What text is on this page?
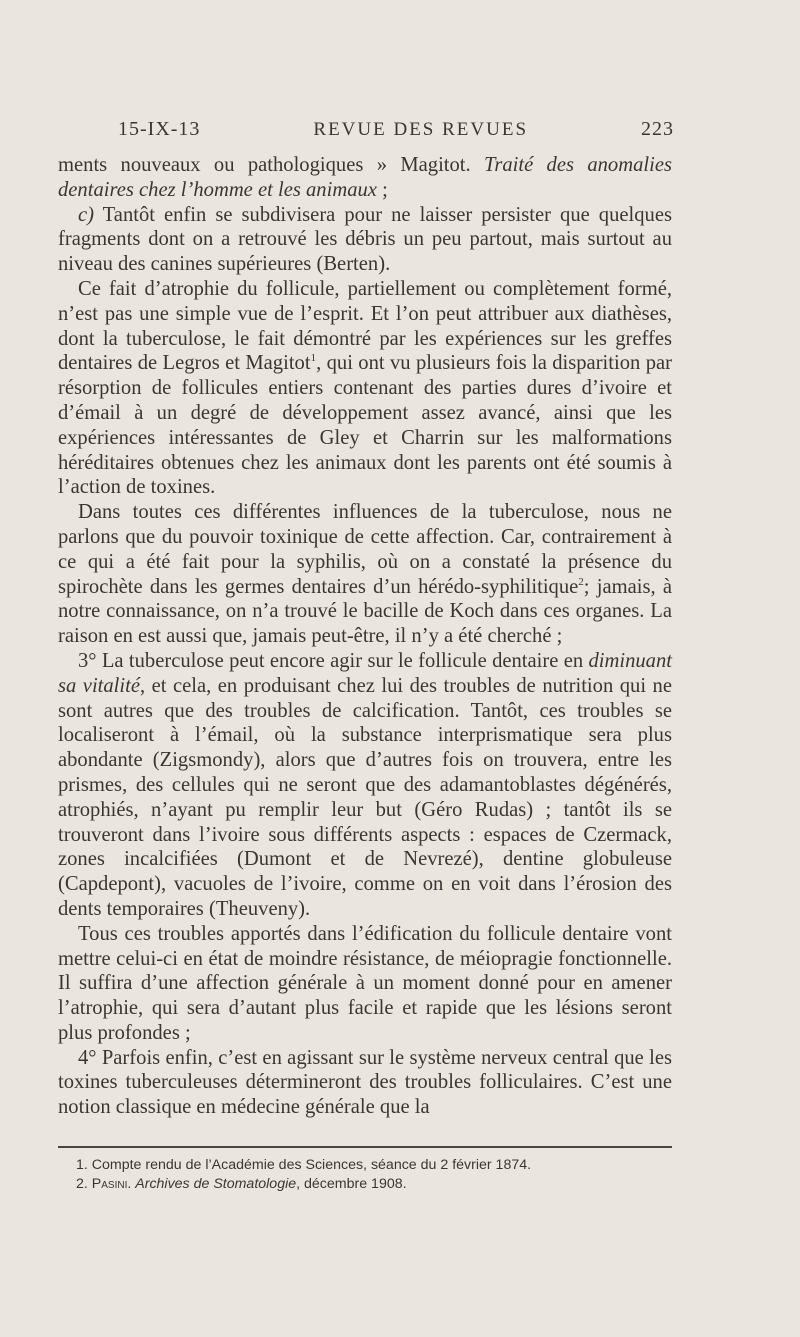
15-IX-13	REVUE DES REVUES	223

ments nouveaux ou pathologiques » Magitot. Traité des anomalies dentaires chez l’homme et les animaux ;

c) Tantôt enfin se subdivisera pour ne laisser persister que quelques fragments dont on a retrouvé les débris un peu partout, mais surtout au niveau des canines supérieures (Berten).

Ce fait d’atrophie du follicule, partiellement ou complètement formé, n’est pas une simple vue de l’esprit. Et l’on peut attribuer aux diathèses, dont la tuberculose, le fait démontré par les expériences sur les greffes dentaires de Legros et Magitot$^1$, qui ont vu plusieurs fois la disparition par résorption de follicules entiers contenant des parties dures d’ivoire et d’émail à un degré de développement assez avancé, ainsi que les expériences intéressantes de Gley et Charrin sur les malformations héréditaires obtenues chez les animaux dont les parents ont été soumis à l’action de toxines.

Dans toutes ces différentes influences de la tuberculose, nous ne parlons que du pouvoir toxinique de cette affection. Car, contrairement à ce qui a été fait pour la syphilis, où on a constaté la présence du spirochète dans les germes dentaires d’un hérédo-syphilitique$^2$; jamais, à notre connaissance, on n’a trouvé le bacille de Koch dans ces organes. La raison en est aussi que, jamais peut-être, il n’y a été cherché ;

3° La tuberculose peut encore agir sur le follicule dentaire en diminuant sa vitalité, et cela, en produisant chez lui des troubles de nutrition qui ne sont autres que des troubles de calcification. Tantôt, ces troubles se localiseront à l’émail, où la substance interprismatique sera plus abondante (Zigsmondy), alors que d’autres fois on trouvera, entre les prismes, des cellules qui ne seront que des adamantoblastes dégénérés, atrophiés, n’ayant pu remplir leur but (Géro Rudas) ; tantôt ils se trouveront dans l’ivoire sous différents aspects : espaces de Czermack, zones incalcifiées (Dumont et de Nevrezé), dentine globuleuse (Capdepont), vacuoles de l’ivoire, comme on en voit dans l’érosion des dents temporaires (Theuveny).

Tous ces troubles apportés dans l’édification du follicule dentaire vont mettre celui-ci en état de moindre résistance, de méiopragie fonctionnelle. Il suffira d’une affection générale à un moment donné pour en amener l’atrophie, qui sera d’autant plus facile et rapide que les lésions seront plus profondes ;

4° Parfois enfin, c’est en agissant sur le système nerveux central que les toxines tuberculeuses détermineront des troubles folliculaires. C’est une notion classique en médecine générale que la

1. Compte rendu de l’Académie des Sciences, séance du 2 février 1874.

2. Pasini. Archives de Stomatologie, décembre 1908.
